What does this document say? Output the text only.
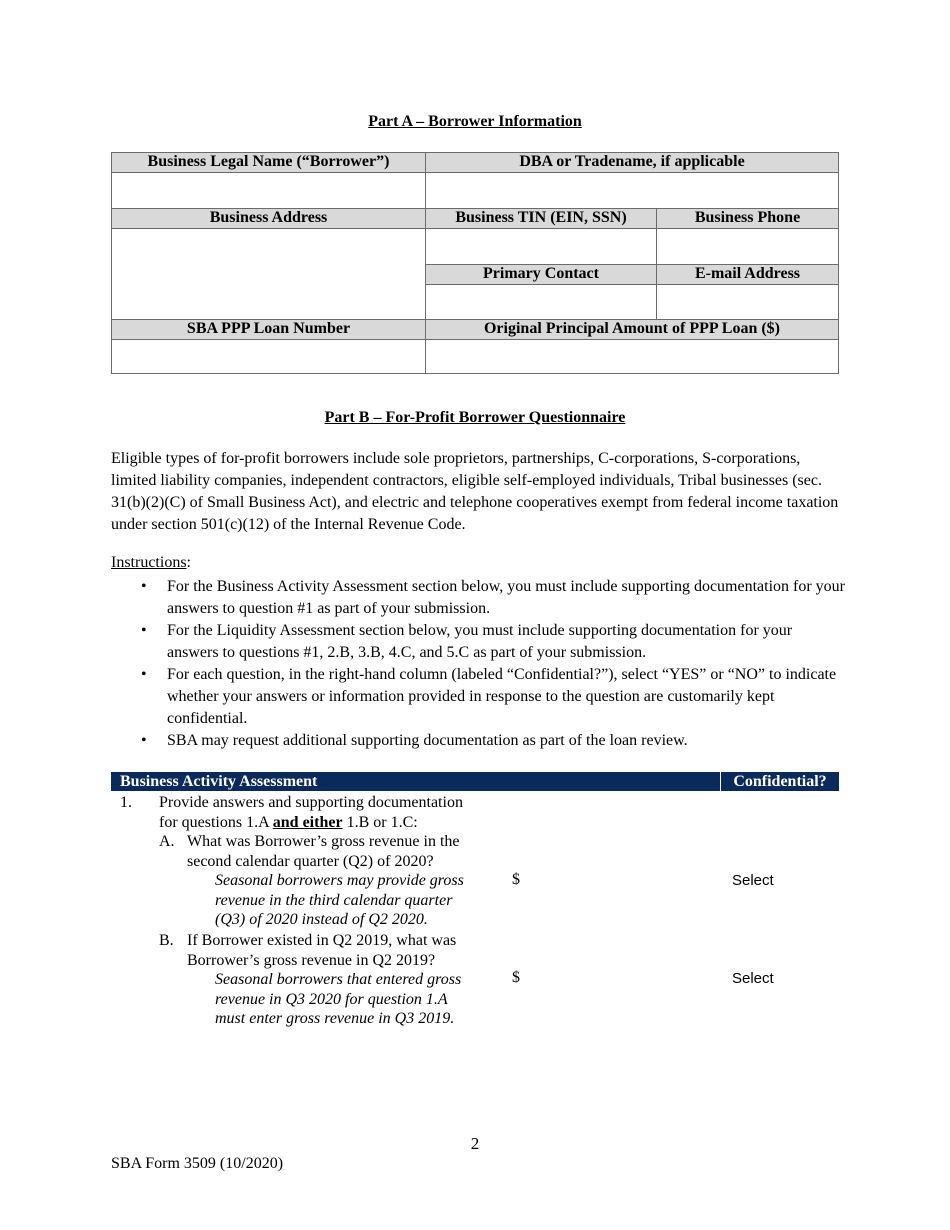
Part A – Borrower Information
Business Legal Name (“Borrower”)	DBA or Tradename, if applicable
Business Address	Business TIN (EIN, SSN)	Business Phone
Primary Contact	E-mail Address
SBA PPP Loan Number	Original Principal Amount of PPP Loan ($)
Part B – For-Profit Borrower Questionnaire

Eligible types of for-profit borrowers include sole proprietors, partnerships, C-corporations, S-corporations, limited liability companies, independent contractors, eligible self-employed individuals, Tribal businesses (sec. 31(b)(2)(C) of Small Business Act), and electric and telephone cooperatives exempt from federal income taxation under section 501(c)(12) of the Internal Revenue Code.

Instructions:
• For the Business Activity Assessment section below, you must include supporting documentation for your answers to question #1 as part of your submission.
• For the Liquidity Assessment section below, you must include supporting documentation for your answers to questions #1, 2.B, 3.B, 4.C, and 5.C as part of your submission.
• For each question, in the right-hand column (labeled “Confidential?”), select “YES” or “NO” to indicate whether your answers or information provided in response to the question are customarily kept confidential.
• SBA may request additional supporting documentation as part of the loan review.
Business Activity Assessment	Confidential?
1. Provide answers and supporting documentation
for questions 1.A and either 1.B or 1.C:
A. What was Borrower’s gross revenue in the
second calendar quarter (Q2) of 2020?
Seasonal borrowers may provide gross
revenue in the third calendar quarter
(Q3) of 2020 instead of Q2 2020.
$	Select
B. If Borrower existed in Q2 2019, what was
Borrower’s gross revenue in Q2 2019?
Seasonal borrowers that entered gross
revenue in Q3 2020 for question 1.A
must enter gross revenue in Q3 2019.
$	Select
2
SBA Form 3509 (10/2020)
